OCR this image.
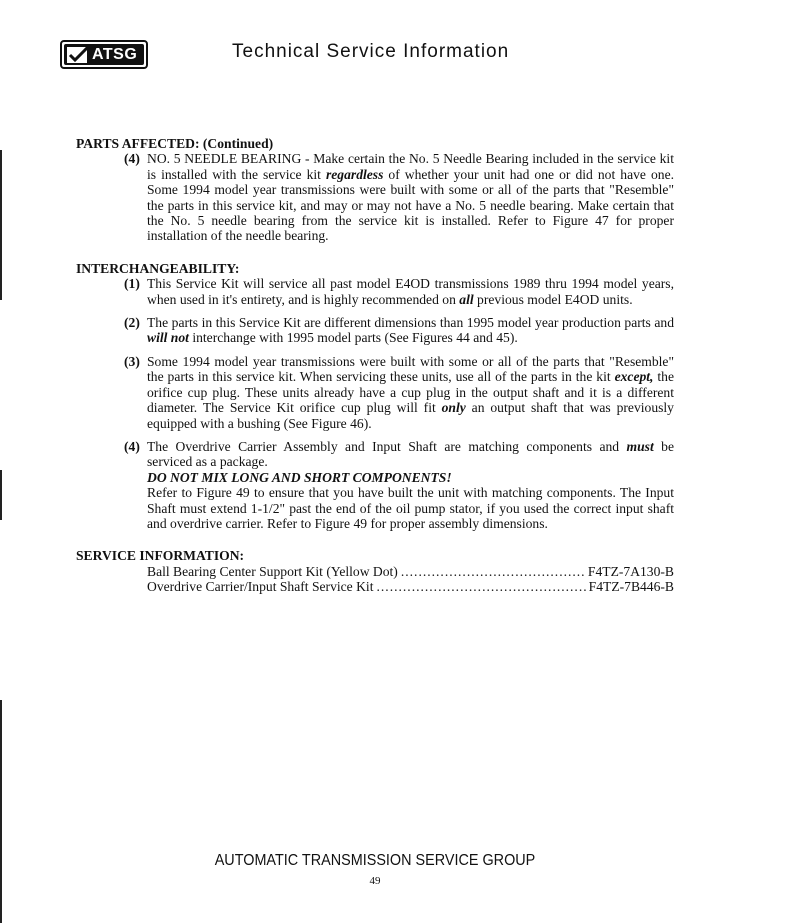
ATSG	Technical Service Information
PARTS AFFECTED: (Continued)
(4) NO. 5 NEEDLE BEARING - Make certain the No. 5 Needle Bearing included in the service kit is installed with the service kit regardless of whether your unit had one or did not have one. Some 1994 model year transmissions were built with some or all of the parts that "Resemble" the parts in this service kit, and may or may not have a No. 5 needle bearing. Make certain that the No. 5 needle bearing from the service kit is installed. Refer to Figure 47 for proper installation of the needle bearing.

INTERCHANGEABILITY:
(1) This Service Kit will service all past model E4OD transmissions 1989 thru 1994 model years, when used in it's entirety, and is highly recommended on all previous model E4OD units.

(2) The parts in this Service Kit are different dimensions than 1995 model year production parts and will not interchange with 1995 model parts (See Figures 44 and 45).

(3) Some 1994 model year transmissions were built with some or all of the parts that "Resemble" the parts in this service kit. When servicing these units, use all of the parts in the kit except, the orifice cup plug. These units already have a cup plug in the output shaft and it is a different diameter. The Service Kit orifice cup plug will fit only an output shaft that was previously equipped with a bushing (See Figure 46).

(4) The Overdrive Carrier Assembly and Input Shaft are matching components and must be serviced as a package.

DO NOT MIX LONG AND SHORT COMPONENTS!

Refer to Figure 49 to ensure that you have built the unit with matching components. The Input Shaft must extend 1-1/2" past the end of the oil pump stator, if you used the correct input shaft and overdrive carrier. Refer to Figure 49 for proper assembly dimensions.

SERVICE INFORMATION:
Ball Bearing Center Support Kit (Yellow Dot) .....	F4TZ-7A130-B
Overdrive Carrier/Input Shaft Service Kit .....	F4TZ-7B446-B
AUTOMATIC TRANSMISSION SERVICE GROUP
49
